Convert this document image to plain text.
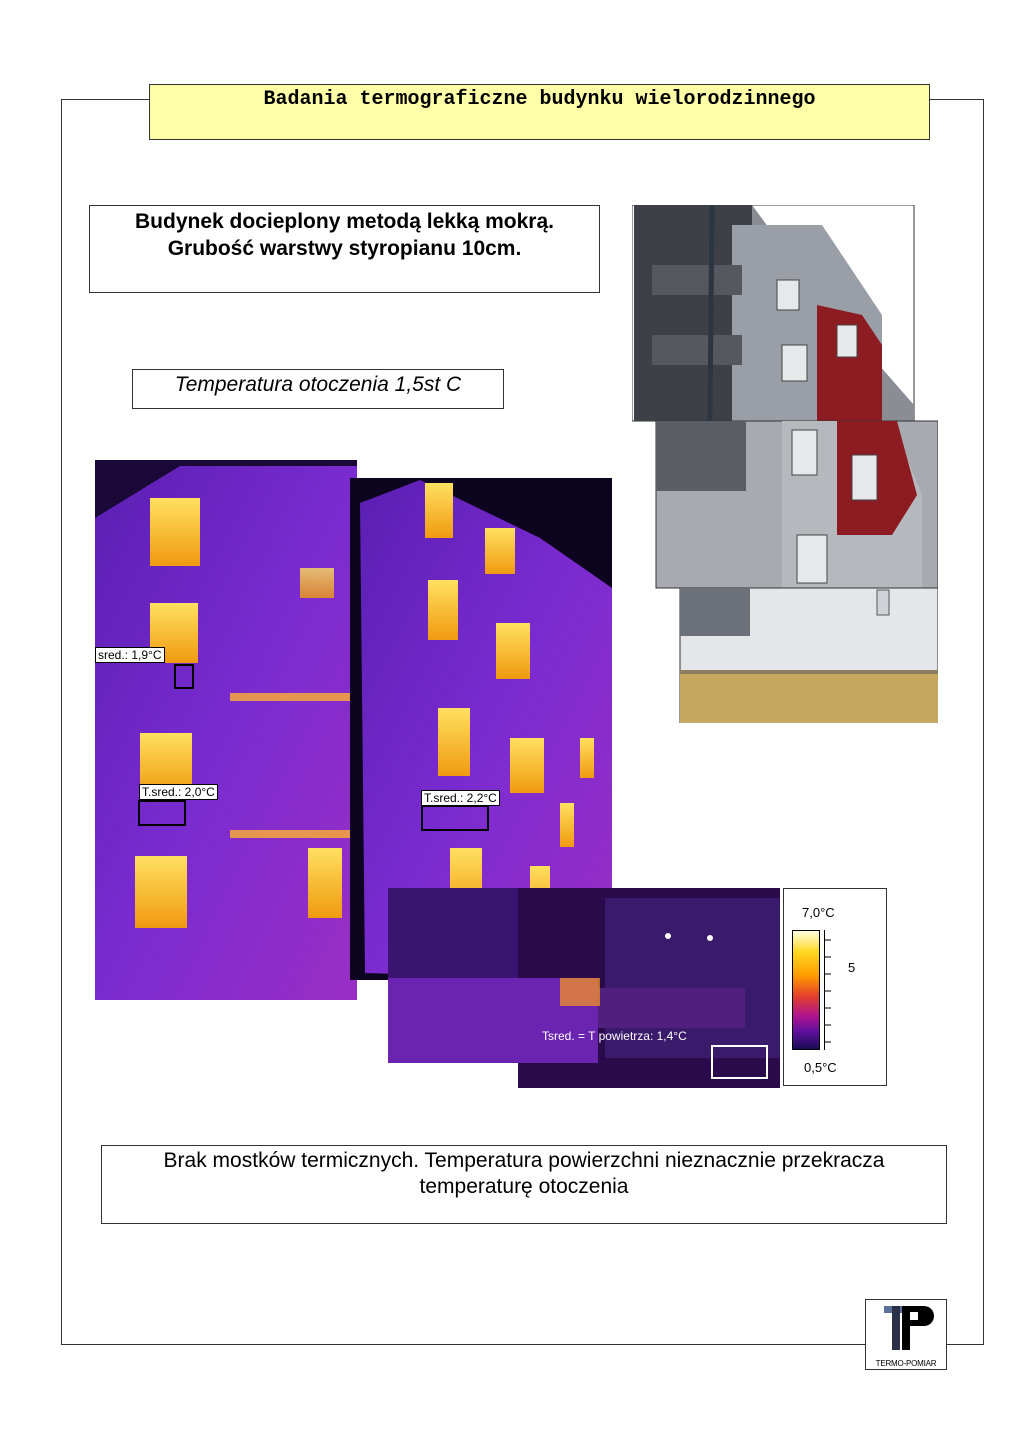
Badania termograficzne budynku wielorodzinnego
Budynek docieplony metodą lekką mokrą.
Grubość warstwy styropianu 10cm.
Temperatura otoczenia 1,5st C
sred.: 1,9°C
T.sred.: 2,0°C	T.sred.: 2,2°C
Tsred. = T powietrza: 1,4°C
7,0°C
5
0,5°C
Brak mostków termicznych. Temperatura powierzchni nieznacznie przekracza
temperaturę otoczenia
TERMO-POMIAR
